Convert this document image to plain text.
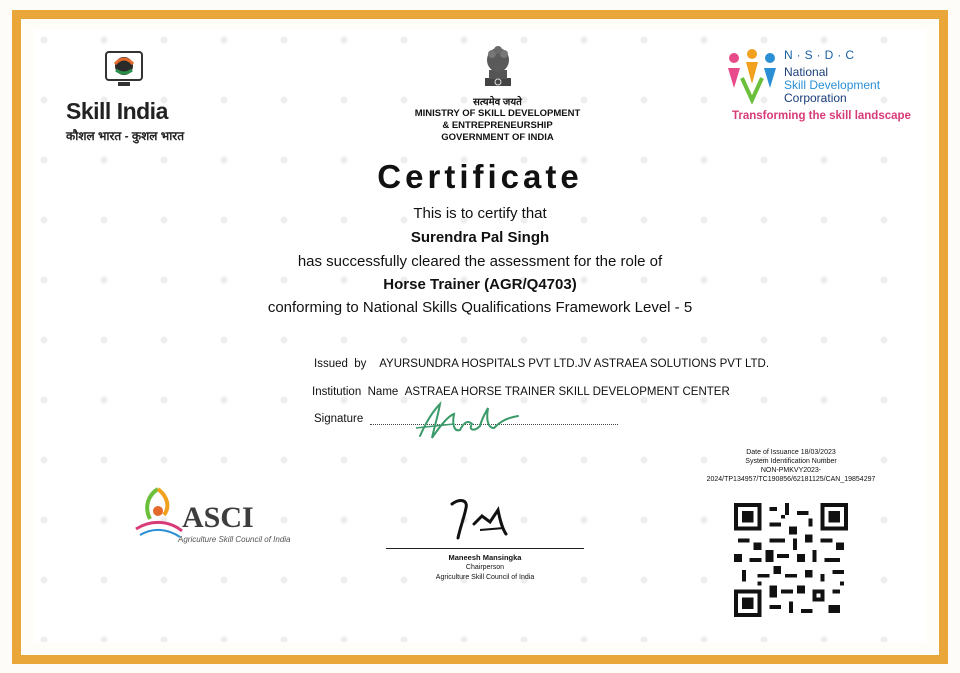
Skill India
कौशल भारत - कुशल भारत
सत्यमेव जयते
MINISTRY OF SKILL DEVELOPMENT
& ENTREPRENEURSHIP
GOVERNMENT OF INDIA
N·S·D·C
National
Skill Development
Corporation
Transforming the skill landscape
Certificate
This is to certify that
Surendra Pal Singh
has successfully cleared the assessment for the role of
Horse Trainer (AGR/Q4703)
conforming to National Skills Qualifications Framework Level - 5
Issued  by AYURSUNDRA HOSPITALS PVT LTD.JV ASTRAEA SOLUTIONS PVT LTD.
Institution  Name ASTRAEA HORSE TRAINER SKILL DEVELOPMENT CENTER
Signature
Date of Issuance 18/03/2023
System Identification Number
NON-PMKVY2023-2024/TP134957/TC190856/62181125/CAN_19854297
ASCI
Agriculture Skill Council of India
Maneesh Mansingka
Chairperson
Agriculture Skill Council of India
